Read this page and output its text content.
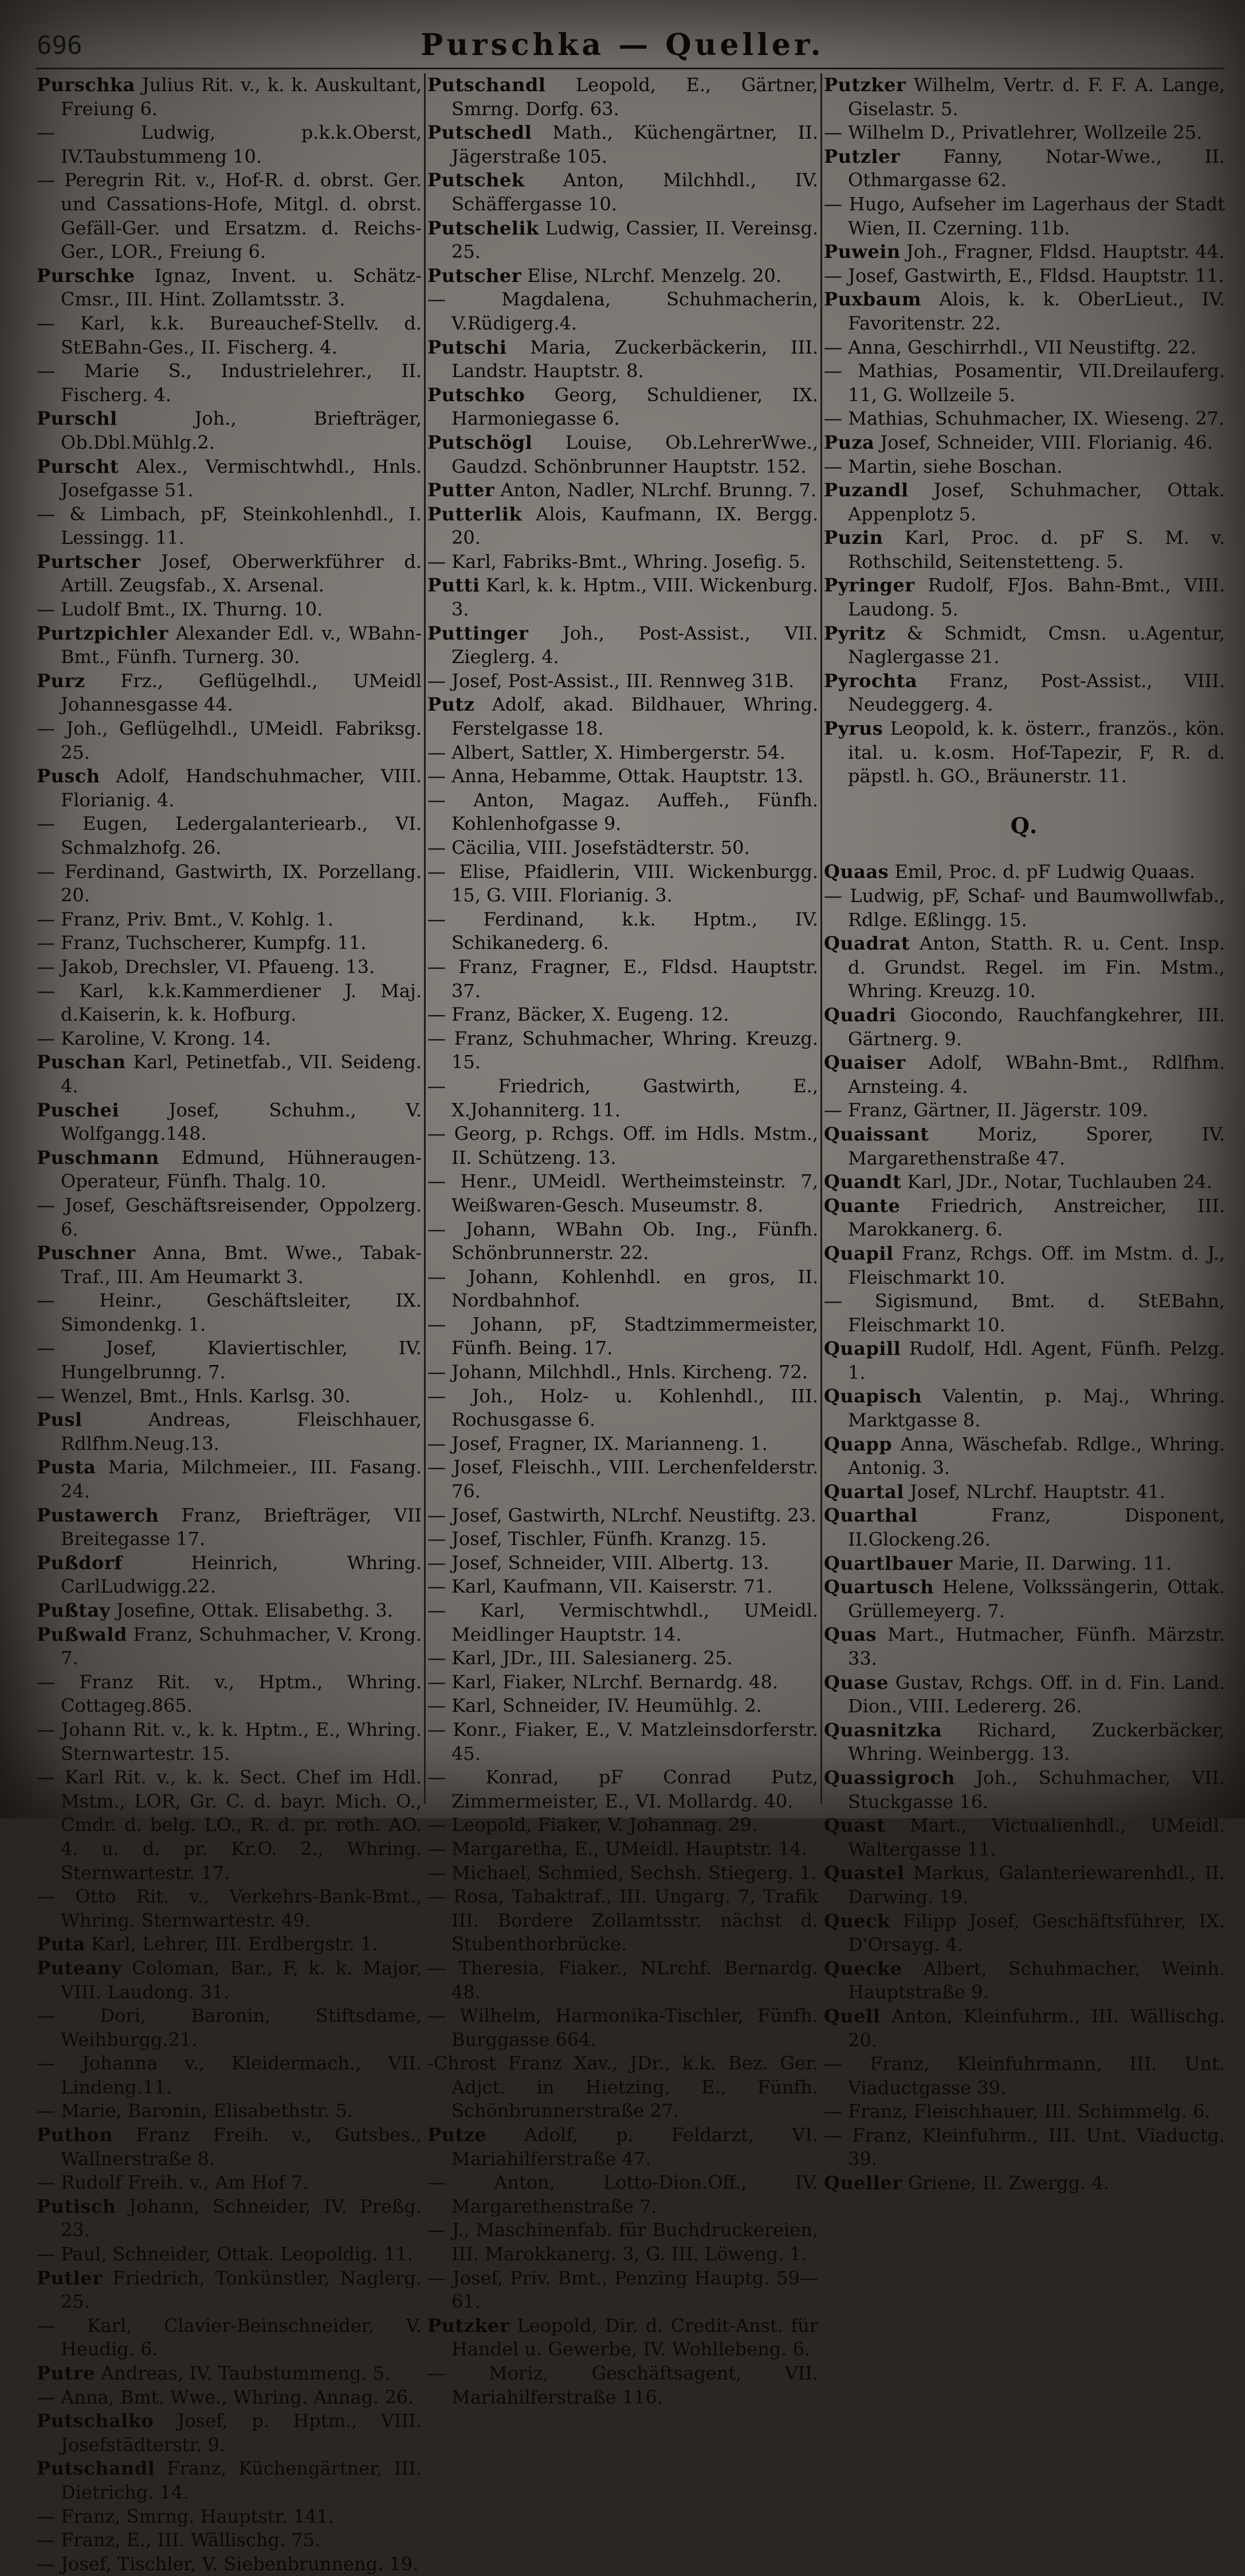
696	Purschka — Queller.

Purschka Julius Rit. v., k. k. Auskultant, Freiung 6.

— Ludwig, p.k.k.Oberst, IV.Taubstummeng 10.

— Peregrin Rit. v., Hof-R. d. obrst. Ger. und Cassations-Hofe, Mitgl. d. obrst. Gefäll-Ger. und Ersatzm. d. Reichs-Ger., LOR., Freiung 6.

Purschke Ignaz, Invent. u. Schätz-Cmsr., III. Hint. Zollamtsstr. 3.

— Karl, k.k. Bureauchef-Stellv. d. StEBahn-Ges., II. Fischerg. 4.

— Marie S., Industrielehrer., II. Fischerg. 4.

Purschl Joh., Briefträger, Ob.Dbl.Mühlg.2.

Purscht Alex., Vermischtwhdl., Hnls. Josefgasse 51.

— & Limbach, pF, Steinkohlenhdl., I. Lessingg. 11.

Purtscher Josef, Oberwerkführer d. Artill. Zeugsfab., X. Arsenal.

— Ludolf Bmt., IX. Thurng. 10.

Purtzpichler Alexander Edl. v., WBahn-Bmt., Fünfh. Turnerg. 30.

Purz Frz., Geflügelhdl., UMeidl Johannesgasse 44.

— Joh., Geflügelhdl., UMeidl. Fabriksg. 25.

Pusch Adolf, Handschuhmacher, VIII. Florianig. 4.

— Eugen, Ledergalanteriearb., VI. Schmalzhofg. 26.

— Ferdinand, Gastwirth, IX. Porzellang. 20.

— Franz, Priv. Bmt., V. Kohlg. 1.

— Franz, Tuchscherer, Kumpfg. 11.

— Jakob, Drechsler, VI. Pfaueng. 13.

— Karl, k.k.Kammerdiener J. Maj. d.Kaiserin, k. k. Hofburg.

— Karoline, V. Krong. 14.

Puschan Karl, Petinetfab., VII. Seideng. 4.

Puschei Josef, Schuhm., V. Wolfgangg.148.

Puschmann Edmund, Hühneraugen-Operateur, Fünfh. Thalg. 10.

— Josef, Geschäftsreisender, Oppolzerg. 6.

Puschner Anna, Bmt. Wwe., Tabak-Traf., III. Am Heumarkt 3.

— Heinr., Geschäftsleiter, IX. Simondenkg. 1.

— Josef, Klaviertischler, IV. Hungelbrunng. 7.

— Wenzel, Bmt., Hnls. Karlsg. 30.

Pusl Andreas, Fleischhauer, Rdlfhm.Neug.13.

Pusta Maria, Milchmeier., III. Fasang. 24.

Pustawerch Franz, Briefträger, VII Breitegasse 17.

Pußdorf Heinrich, Whring. CarlLudwigg.22.

Pußtay Josefine, Ottak. Elisabethg. 3.

Pußwald Franz, Schuhmacher, V. Krong. 7.

— Franz Rit. v., Hptm., Whring. Cottageg.865.

— Johann Rit. v., k. k. Hptm., E., Whring. Sternwartestr. 15.

— Karl Rit. v., k. k. Sect. Chef im Hdl. Mstm., LOR, Gr. C. d. bayr. Mich. O., Cmdr. d. belg. LO., R. d. pr. roth. AO. 4. u. d. pr. Kr.O. 2., Whring. Sternwartestr. 17.

— Otto Rit. v., Verkehrs-Bank-Bmt., Whring. Sternwartestr. 49.

Puta Karl, Lehrer, III. Erdbergstr. 1.

Puteany Coloman, Bar., F, k. k. Major, VIII. Laudong. 31.

— Dori, Baronin, Stiftsdame, Weihburgg.21.

— Johanna v., Kleidermach., VII. Lindeng.11.

— Marie, Baronin, Elisabethstr. 5.

Puthon Franz Freih. v., Gutsbes., Wallnerstraße 8.

— Rudolf Freih. v., Am Hof 7.

Putisch Johann, Schneider, IV. Preßg. 23.

— Paul, Schneider, Ottak. Leopoldig. 11.

Putler Friedrich, Tonkünstler, Naglerg. 25.

— Karl, Clavier-Beinschneider, V. Heudig. 6.

Putre Andreas, IV. Taubstummeng. 5.

— Anna, Bmt. Wwe., Whring. Annag. 26.

Putschalko Josef, p. Hptm., VIII. Josefstädterstr. 9.

Putschandl Franz, Küchengärtner, III. Dietrichg. 14.

— Franz, Smrng. Hauptstr. 141.

— Franz, E., III. Wällischg. 75.

— Josef, Tischler, V. Siebenbrunneng. 19.

Putschandl Leopold, E., Gärtner, Smrng. Dorfg. 63.

Putschedl Math., Küchengärtner, II. Jägerstraße 105.

Putschek Anton, Milchhdl., IV. Schäffergasse 10.

Putschelik Ludwig, Cassier, II. Vereinsg. 25.

Putscher Elise, NLrchf. Menzelg. 20.

— Magdalena, Schuhmacherin, V.Rüdigerg.4.

Putschi Maria, Zuckerbäckerin, III. Landstr. Hauptstr. 8.

Putschko Georg, Schuldiener, IX. Harmoniegasse 6.

Putschögl Louise, Ob.LehrerWwe., Gaudzd. Schönbrunner Hauptstr. 152.

Putter Anton, Nadler, NLrchf. Brunng. 7.

Putterlik Alois, Kaufmann, IX. Bergg. 20.

— Karl, Fabriks-Bmt., Whring. Josefig. 5.

Putti Karl, k. k. Hptm., VIII. Wickenburg. 3.

Puttinger Joh., Post-Assist., VII. Zieglerg. 4.

— Josef, Post-Assist., III. Rennweg 31B.

Putz Adolf, akad. Bildhauer, Whring. Ferstelgasse 18.

— Albert, Sattler, X. Himbergerstr. 54.

— Anna, Hebamme, Ottak. Hauptstr. 13.

— Anton, Magaz. Auffeh., Fünfh. Kohlenhofgasse 9.

— Cäcilia, VIII. Josefstädterstr. 50.

— Elise, Pfaidlerin, VIII. Wickenburgg. 15, G. VIII. Florianig. 3.

— Ferdinand, k.k. Hptm., IV. Schikanederg. 6.

— Franz, Fragner, E., Fldsd. Hauptstr. 37.

— Franz, Bäcker, X. Eugeng. 12.

— Franz, Schuhmacher, Whring. Kreuzg. 15.

— Friedrich, Gastwirth, E., X.Johanniterg. 11.

— Georg, p. Rchgs. Off. im Hdls. Mstm., II. Schützeng. 13.

— Henr., UMeidl. Wertheimsteinstr. 7, Weißwaren-Gesch. Museumstr. 8.

— Johann, WBahn Ob. Ing., Fünfh. Schönbrunnerstr. 22.

— Johann, Kohlenhdl. en gros, II. Nordbahnhof.

— Johann, pF, Stadtzimmermeister, Fünfh. Being. 17.

— Johann, Milchhdl., Hnls. Kircheng. 72.

— Joh., Holz- u. Kohlenhdl., III. Rochusgasse 6.

— Josef, Fragner, IX. Marianneng. 1.

— Josef, Fleischh., VIII. Lerchenfelderstr. 76.

— Josef, Gastwirth, NLrchf. Neustiftg. 23.

— Josef, Tischler, Fünfh. Kranzg. 15.

— Josef, Schneider, VIII. Albertg. 13.

— Karl, Kaufmann, VII. Kaiserstr. 71.

— Karl, Vermischtwhdl., UMeidl. Meidlinger Hauptstr. 14.

— Karl, JDr., III. Salesianerg. 25.

— Karl, Fiaker, NLrchf. Bernardg. 48.

— Karl, Schneider, IV. Heumühlg. 2.

— Konr., Fiaker, E., V. Matzleinsdorferstr. 45.

— Konrad, pF Conrad Putz, Zimmermeister, E., VI. Mollardg. 40.

— Leopold, Fiaker, V. Johannag. 29.

— Margaretha, E., UMeidl. Hauptstr. 14.

— Michael, Schmied, Sechsh. Stiegerg. 1.

— Rosa, Tabaktraf., III. Ungarg. 7, Trafik III. Bordere Zollamtsstr. nächst d. Stubenthorbrücke.

— Theresia, Fiaker., NLrchf. Bernardg. 48.

— Wilhelm, Harmonika-Tischler, Fünfh. Burggasse 664.

-Chrost Franz Xav., JDr., k.k. Bez. Ger. Adjct. in Hietzing, E., Fünfh. Schönbrunnerstraße 27.

Putze Adolf, p. Feldarzt, VI. Mariahilferstraße 47.

— Anton, Lotto-Dion.Off., IV. Margarethenstraße 7.

— J., Maschinenfab. für Buchdruckereien, III. Marokkanerg. 3, G. III. Löweng. 1.

— Josef, Priv. Bmt., Penzing Hauptg. 59—61.

Putzker Leopold, Dir. d. Credit-Anst. für Handel u. Gewerbe, IV. Wohllebeng. 6.

— Moriz, Geschäftsagent, VII. Mariahilferstraße 116.

Putzker Wilhelm, Vertr. d. F. F. A. Lange, Giselastr. 5.

— Wilhelm D., Privatlehrer, Wollzeile 25.

Putzler Fanny, Notar-Wwe., II. Othmargasse 62.

— Hugo, Aufseher im Lagerhaus der Stadt Wien, II. Czerning. 11b.

Puwein Joh., Fragner, Fldsd. Hauptstr. 44.

— Josef, Gastwirth, E., Fldsd. Hauptstr. 11.

Puxbaum Alois, k. k. OberLieut., IV. Favoritenstr. 22.

— Anna, Geschirrhdl., VII Neustiftg. 22.

— Mathias, Posamentir, VII.Dreilauferg. 11, G. Wollzeile 5.

— Mathias, Schuhmacher, IX. Wieseng. 27.

Puza Josef, Schneider, VIII. Florianig. 46.

— Martin, siehe Boschan.

Puzandl Josef, Schuhmacher, Ottak. Appenplotz 5.

Puzin Karl, Proc. d. pF S. M. v. Rothschild, Seitenstetteng. 5.

Pyringer Rudolf, FJos. Bahn-Bmt., VIII. Laudong. 5.

Pyritz & Schmidt, Cmsn. u.Agentur, Naglergasse 21.

Pyrochta Franz, Post-Assist., VIII. Neudeggerg. 4.

Pyrus Leopold, k. k. österr., französ., kön. ital. u. k.osm. Hof-Tapezir, F, R. d. päpstl. h. GO., Bräunerstr. 11.

Q.

Quaas Emil, Proc. d. pF Ludwig Quaas.

— Ludwig, pF, Schaf- und Baumwollwfab., Rdlge. Eßlingg. 15.

Quadrat Anton, Statth. R. u. Cent. Insp. d. Grundst. Regel. im Fin. Mstm., Whring. Kreuzg. 10.

Quadri Giocondo, Rauchfangkehrer, III. Gärtnerg. 9.

Quaiser Adolf, WBahn-Bmt., Rdlfhm. Arnsteing. 4.

— Franz, Gärtner, II. Jägerstr. 109.

Quaissant Moriz, Sporer, IV. Margarethenstraße 47.

Quandt Karl, JDr., Notar, Tuchlauben 24.

Quante Friedrich, Anstreicher, III. Marokkanerg. 6.

Quapil Franz, Rchgs. Off. im Mstm. d. J., Fleischmarkt 10.

— Sigismund, Bmt. d. StEBahn, Fleischmarkt 10.

Quapill Rudolf, Hdl. Agent, Fünfh. Pelzg. 1.

Quapisch Valentin, p. Maj., Whring. Marktgasse 8.

Quapp Anna, Wäschefab. Rdlge., Whring. Antonig. 3.

Quartal Josef, NLrchf. Hauptstr. 41.

Quarthal Franz, Disponent, II.Glockeng.26.

Quartlbauer Marie, II. Darwing. 11.

Quartusch Helene, Volkssängerin, Ottak. Grüllemeyerg. 7.

Quas Mart., Hutmacher, Fünfh. Märzstr. 33.

Quase Gustav, Rchgs. Off. in d. Fin. Land. Dion., VIII. Ledererg. 26.

Quasnitzka Richard, Zuckerbäcker, Whring. Weinbergg. 13.

Quassigroch Joh., Schuhmacher, VII. Stuckgasse 16.

Quast Mart., Victualienhdl., UMeidl. Waltergasse 11.

Quastel Markus, Galanteriewarenhdl., II. Darwing. 19.

Queck Filipp Josef, Geschäftsführer, IX. D'Orsayg. 4.

Quecke Albert, Schuhmacher, Weinh. Hauptstraße 9.

Quell Anton, Kleinfuhrm., III. Wällischg. 20.

— Franz, Kleinfuhrmann, III. Unt. Viaductgasse 39.

— Franz, Fleischhauer, III. Schimmelg. 6.

— Franz, Kleinfuhrm., III. Unt. Viaductg. 39.

Queller Griene, II. Zwergg. 4.
